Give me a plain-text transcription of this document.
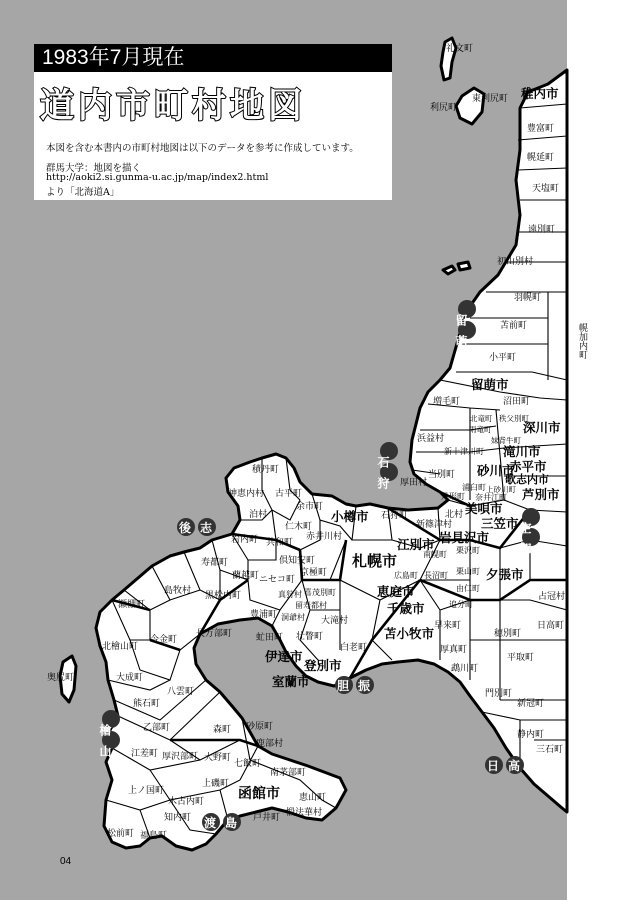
礼文町
東利尻町
利尻町
稚内市
豊富町
幌延町
天塩町
遠別町
初山別村
羽幌町
苫前町
小平町
幌加内町
留萌市
増毛町	沼田町
北竜町 秩父別町
雨竜町	深川市
妹背牛町
浜益村
新十津川町 滝川市
当別町
浦臼町
砂川市
赤平市
上砂川町
歌志内市
厚田村
月形町 奈井江町 芦別市
美唄市
北村
新篠津村 三笠市
岩見沢市
積丹町
神恵内村 古平町
余市町
小樽市 石狩町
仁木町
泊村
赤井川村
岩内町 共和町	江別市
南幌町 栗沢町
札幌市
倶知安町
寿都町
蘭越町 ニセコ町
京極町
喜茂別町
島牧村 黒松内町	真狩村
留寿都村
広島町 長沼町 栗山町
由仁町
夕張市
瀬棚町
豊浦町 洞爺村 大滝村
恵庭市
千歳市	追分町
早来町
占冠村
北檜山町
今金町
長万部町	虻田町 壮瞥町
白老町
苫小牧市	穂別町
日高町
伊達市
登別市
厚真町
鵡川町
平取町
奥尻町	大成町
八雲町
室蘭市
門別町
熊石町
乙部町	森町 砂原町
新冠町
静内町
江差町 厚沢部町 大野町
鹿部村
七飯町
三石町
上ノ国町
上磯町
南茅部町
函館市
木古内町	恵山町
知内町	戸井町 椴法華村
福島町
松前町
留萌
石狩
後志	空知
胆振
檜山
渡島
日高
1983年7月現在
道内市町村地図
本図を含む本書内の市町村地図は以下のデータを参考に作成しています。
群馬大学：地図を描く
http://aoki2.si.gunma-u.ac.jp/map/index2.html
より「北海道A」
04
